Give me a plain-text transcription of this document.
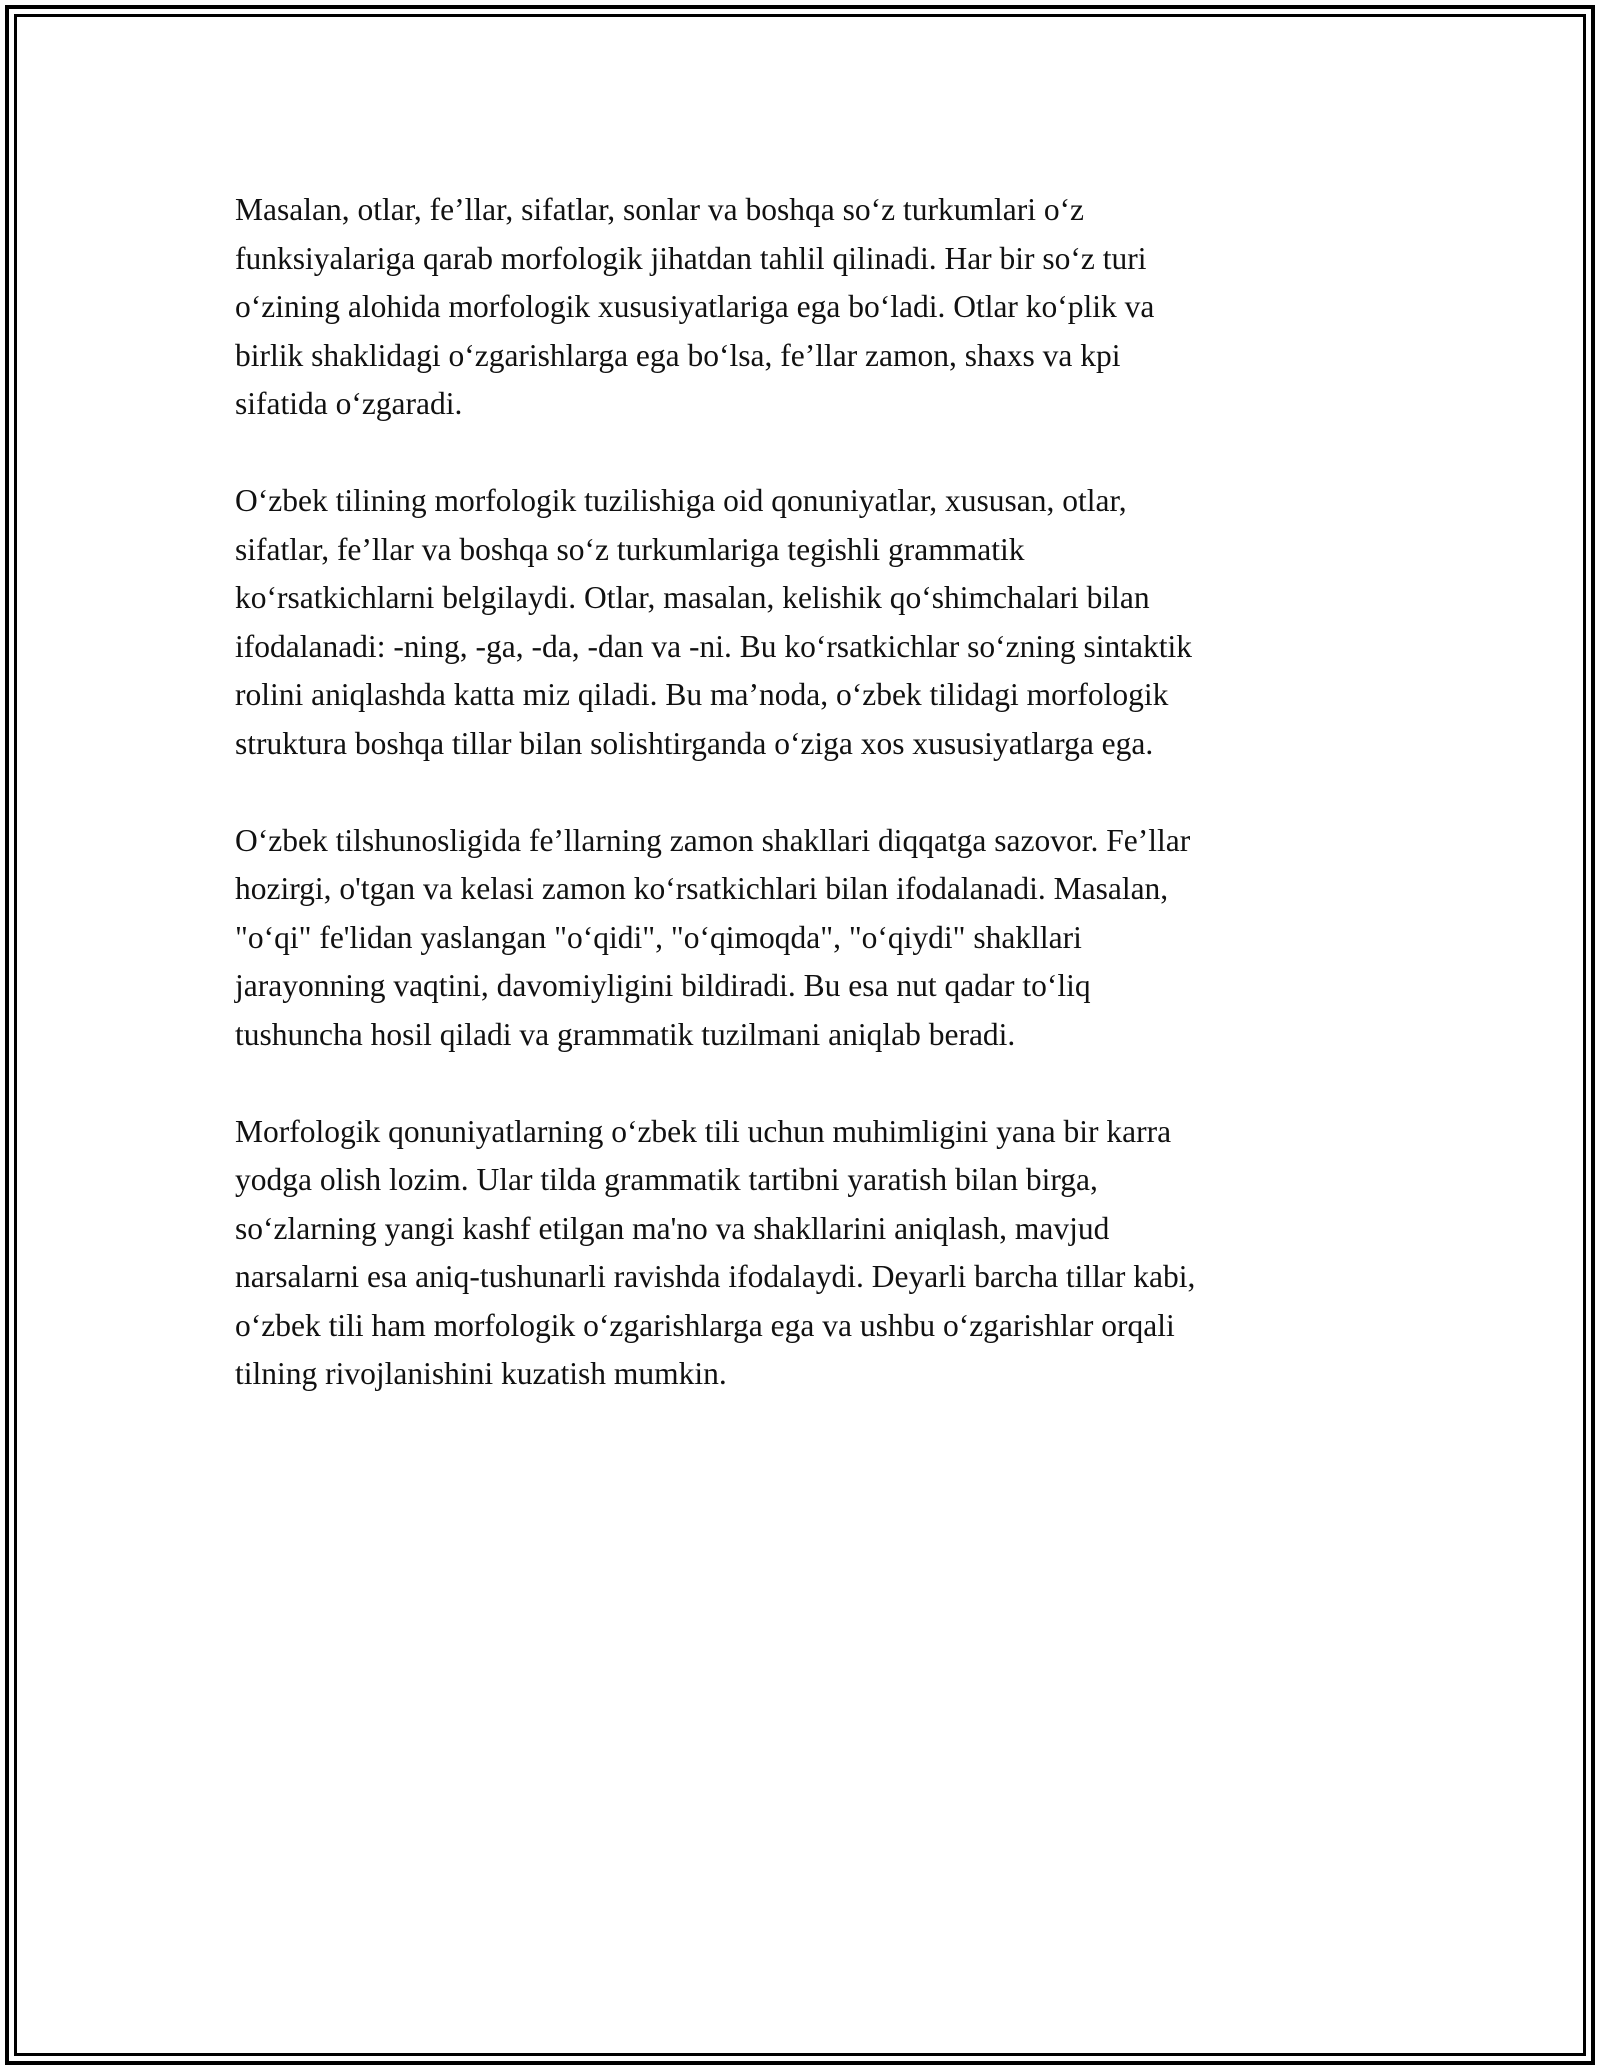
Masalan, otlar, fe’llar, sifatlar, sonlar va boshqa so‘z turkumlari o‘z
funksiyalariga qarab morfologik jihatdan tahlil qilinadi. Har bir so‘z turi
o‘zining alohida morfologik xususiyatlariga ega bo‘ladi. Otlar ko‘plik va
birlik shaklidagi o‘zgarishlarga ega bo‘lsa, fe’llar zamon, shaxs va kpi
sifatida o‘zgaradi.

O‘zbek tilining morfologik tuzilishiga oid qonuniyatlar, xususan, otlar,
sifatlar, fe’llar va boshqa so‘z turkumlariga tegishli grammatik
ko‘rsatkichlarni belgilaydi. Otlar, masalan, kelishik qo‘shimchalari bilan
ifodalanadi: -ning, -ga, -da, -dan va -ni. Bu ko‘rsatkichlar so‘zning sintaktik
rolini aniqlashda katta miz qiladi. Bu ma’noda, o‘zbek tilidagi morfologik
struktura boshqa tillar bilan solishtirganda o‘ziga xos xususiyatlarga ega.

O‘zbek tilshunosligida fe’llarning zamon shakllari diqqatga sazovor. Fe’llar
hozirgi, o'tgan va kelasi zamon ko‘rsatkichlari bilan ifodalanadi. Masalan,
"o‘qi" fe'lidan yaslangan "o‘qidi", "o‘qimoqda", "o‘qiydi" shakllari
jarayonning vaqtini, davomiyligini bildiradi. Bu esa nut qadar to‘liq
tushuncha hosil qiladi va grammatik tuzilmani aniqlab beradi.

Morfologik qonuniyatlarning o‘zbek tili uchun muhimligini yana bir karra
yodga olish lozim. Ular tilda grammatik tartibni yaratish bilan birga,
so‘zlarning yangi kashf etilgan ma'no va shakllarini aniqlash, mavjud
narsalarni esa aniq-tushunarli ravishda ifodalaydi. Deyarli barcha tillar kabi,
o‘zbek tili ham morfologik o‘zgarishlarga ega va ushbu o‘zgarishlar orqali
tilning rivojlanishini kuzatish mumkin.
